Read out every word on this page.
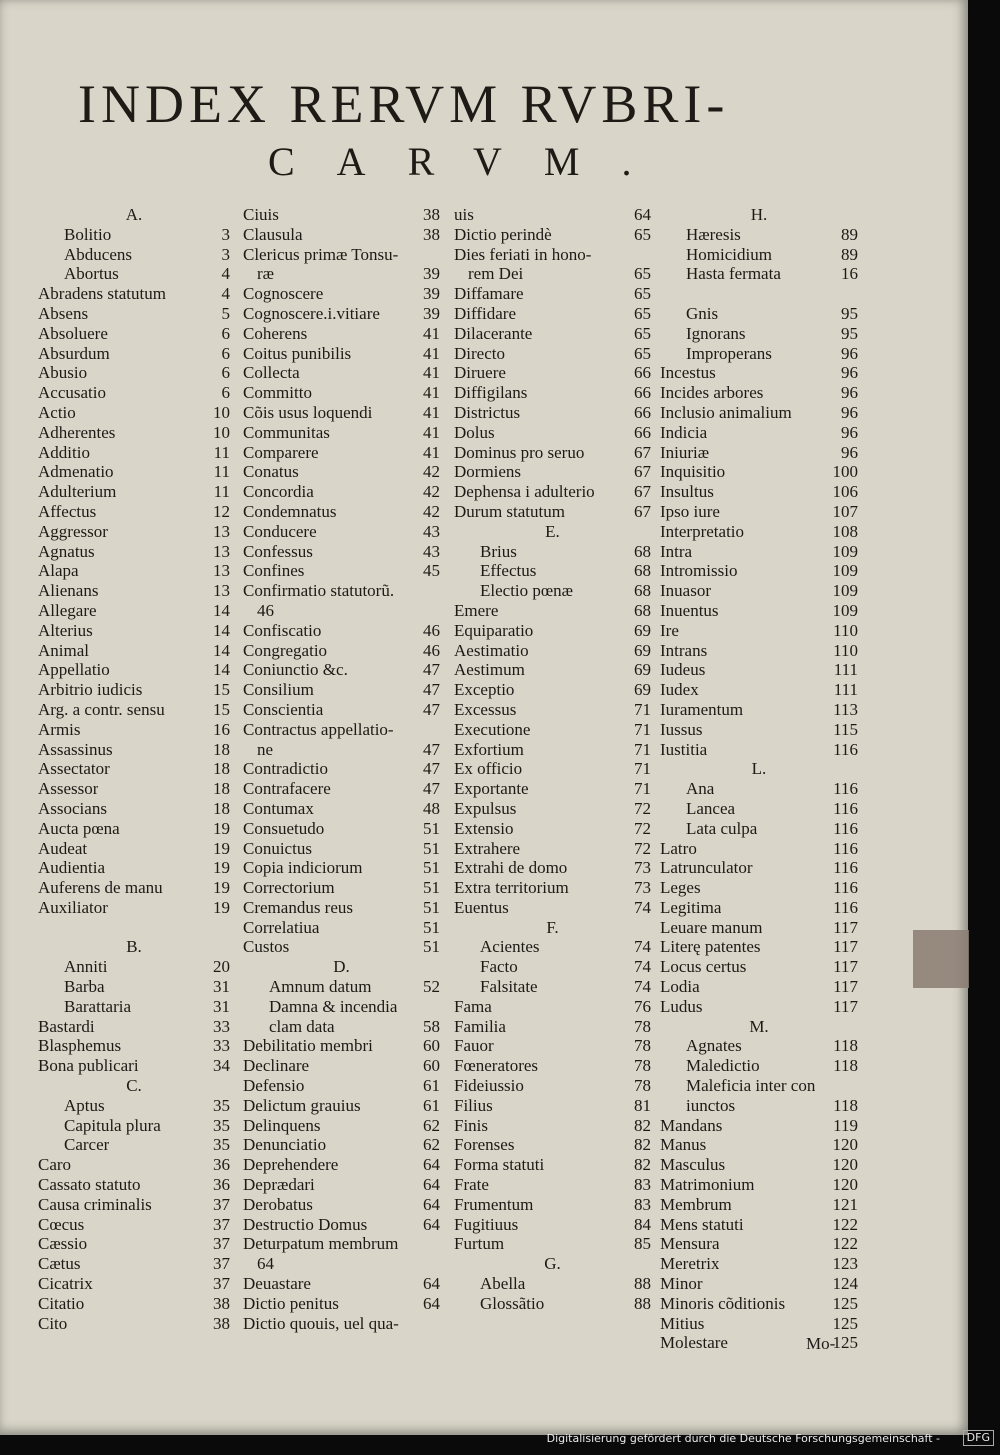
INDEX RERVM RVBRI-
CARVM.
A.
Bolitio	3
Abducens	3
Abortus	4
Abradens statutum	4
Absens	5
Absoluere	6
Absurdum	6
Abusio	6
Accusatio	6
Actio	10
Adherentes	10
Additio	11
Admenatio	11
Adulterium	11
Affectus	12
Aggressor	13
Agnatus	13
Alapa	13
Alienans	13
Allegare	14
Alterius	14
Animal	14
Appellatio	14
Arbitrio iudicis	15
Arg. a contr. sensu	15
Armis	16
Assassinus	18
Assectator	18
Assessor	18
Associans	18
Aucta pœna	19
Audeat	19
Audientia	19
Auferens de manu	19
Auxiliator	19
B.
Anniti	20
Barba	31
Barattaria	31
Bastardi	33
Blasphemus	33
Bona publicari	34
C.
Aptus	35
Capitula plura	35
Carcer	35
Caro	36
Cassato statuto	36
Causa criminalis	37
Cœcus	37
Cæssio	37
Cætus	37
Cicatrix	37
Citatio	38
Cito	38
Ciuis	38
Clausula	38
Clericus primæ Tonsu-
ræ	39
Cognoscere	39
Cognoscere.i.vitiare	39
Coherens	41
Coitus punibilis	41
Collecta	41
Committo	41
Cõis usus loquendi	41
Communitas	41
Comparere	41
Conatus	42
Concordia	42
Condemnatus	42
Conducere	43
Confessus	43
Confines	45
Confirmatio statutorũ.
46
Confiscatio	46
Congregatio	46
Coniunctio &c.	47
Consilium	47
Conscientia	47
Contractus appellatio-
ne	47
Contradictio	47
Contrafacere	47
Contumax	48
Consuetudo	51
Conuictus	51
Copia indiciorum	51
Correctorium	51
Cremandus reus	51
Correlatiua	51
Custos	51
D.
Amnum datum	52
Damna & incendia
clam data	58
Debilitatio membri	60
Declinare	60
Defensio	61
Delictum grauius	61
Delinquens	62
Denunciatio	62
Deprehendere	64
Deprædari	64
Derobatus	64
Destructio Domus	64
Deturpatum membrum
64
Deuastare	64
Dictio penitus	64
Dictio quouis, uel qua-
uis	64
Dictio perindè	65
Dies feriati in hono-
rem Dei	65
Diffamare	65
Diffidare	65
Dilacerante	65
Directo	65
Diruere	66
Diffigilans	66
Districtus	66
Dolus	66
Dominus pro seruo	67
Dormiens	67
Dephensa i adulterio 67
Durum statutum	67
E.
Brius	68
Effectus	68
Electio pœnæ	68
Emere	68
Equiparatio	69
Aestimatio	69
Aestimum	69
Exceptio	69
Excessus	71
Executione	71
Exfortium	71
Ex officio	71
Exportante	71
Expulsus	72
Extensio	72
Extrahere	72
Extrahi de domo	73
Extra territorium	73
Euentus	74
F.
Acientes	74
Facto	74
Falsitate	74
Fama	76
Familia	78
Fauor	78
Fœneratores	78
Fideiussio	78
Filius	81
Finis	82
Forenses	82
Forma statuti	82
Frate	83
Frumentum	83
Fugitiuus	84
Furtum	85
G.
Abella	88
Glossãtio	88
H.
Hæresis	89
Homicidium	89
Hasta fermata	16
Gnis	95
Ignorans	95
Improperans	96
Incestus	96
Incides arbores	96
Inclusio animalium	96
Indicia	96
Iniuriæ	96
Inquisitio	100
Insultus	106
Ipso iure	107
Interpretatio	108
Intra	109
Intromissio	109
Inuasor	109
Inuentus	109
Ire	110
Intrans	110
Iudeus	111
Iudex	111
Iuramentum	113
Iussus	115
Iustitia	116
L.
Ana	116
Lancea	116
Lata culpa	116
Latro	116
Latrunculator	116
Leges	116
Legitima	116
Leuare manum	117
Literę patentes	117
Locus certus	117
Lodia	117
Ludus	117
M.
Agnates	118
Maledictio	118
Maleficia inter con
iunctos	118
Mandans	119
Manus	120
Masculus	120
Matrimonium	120
Membrum	121
Mens statuti	122
Mensura	122
Meretrix	123
Minor	124
Minoris cõditionis	125
Mitius	125
Molestare	125
Mo-
Digitalisierung gefördert durch die Deutsche Forschungsgemeinschaft -	DFG
